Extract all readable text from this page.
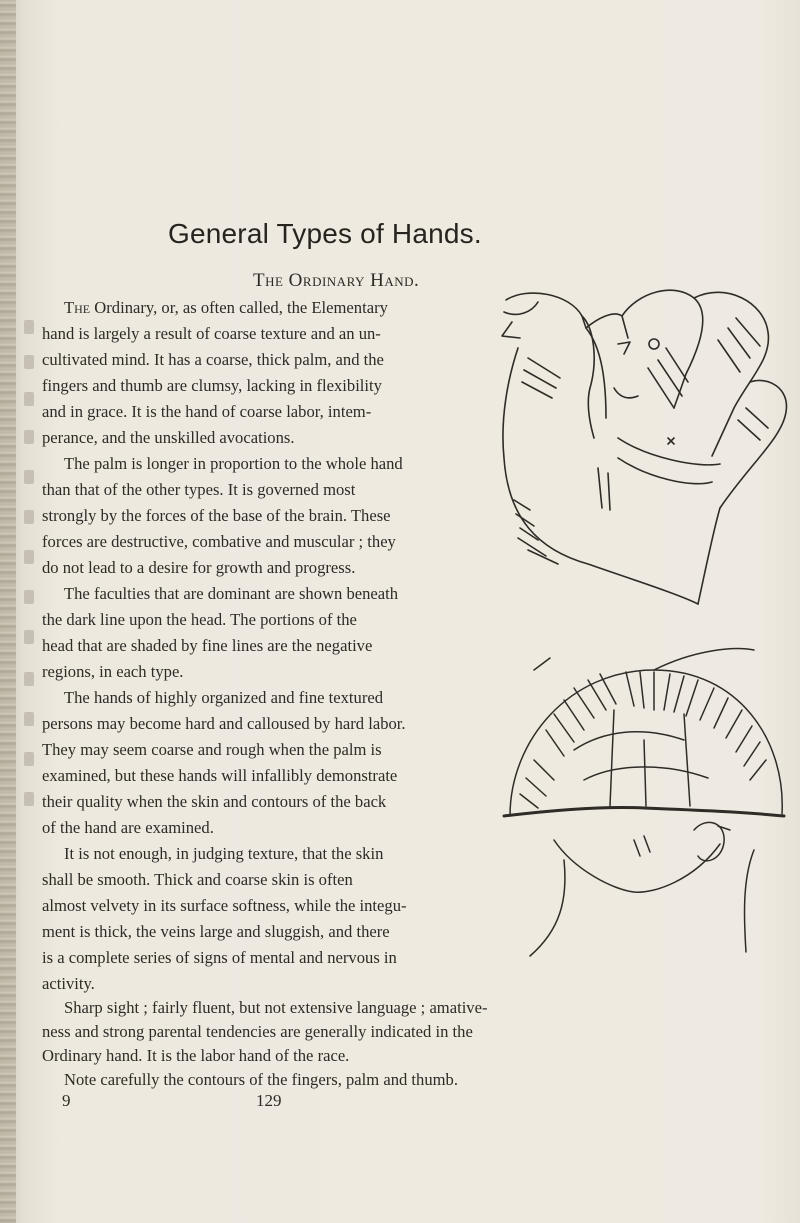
General Types of Hands.
The Ordinary Hand.

The Ordinary, or, as often called, the Elementary

hand is largely a result of coarse texture and an un-

cultivated mind. It has a coarse, thick palm, and the

fingers and thumb are clumsy, lacking in flexibility

and in grace. It is the hand of coarse labor, intem-

perance, and the unskilled avocations.

The palm is longer in proportion to the whole hand

than that of the other types. It is governed most

strongly by the forces of the base of the brain. These

forces are destructive, combative and muscular ; they

do not lead to a desire for growth and progress.

The faculties that are dominant are shown beneath

the dark line upon the head. The portions of the

head that are shaded by fine lines are the negative

regions, in each type.

The hands of highly organized and fine textured

persons may become hard and calloused by hard labor.

They may seem coarse and rough when the palm is

examined, but these hands will infallibly demonstrate

their quality when the skin and contours of the back

of the hand are examined.

It is not enough, in judging texture, that the skin

shall be smooth. Thick and coarse skin is often

almost velvety in its surface softness, while the integu-

ment is thick, the veins large and sluggish, and there

is a complete series of signs of mental and nervous in

activity.

Sharp sight ; fairly fluent, but not extensive language ; amative-

ness and strong parental tendencies are generally indicated in the

Ordinary hand. It is the labor hand of the race.

Note carefully the contours of the fingers, palm and thumb.

9	129
